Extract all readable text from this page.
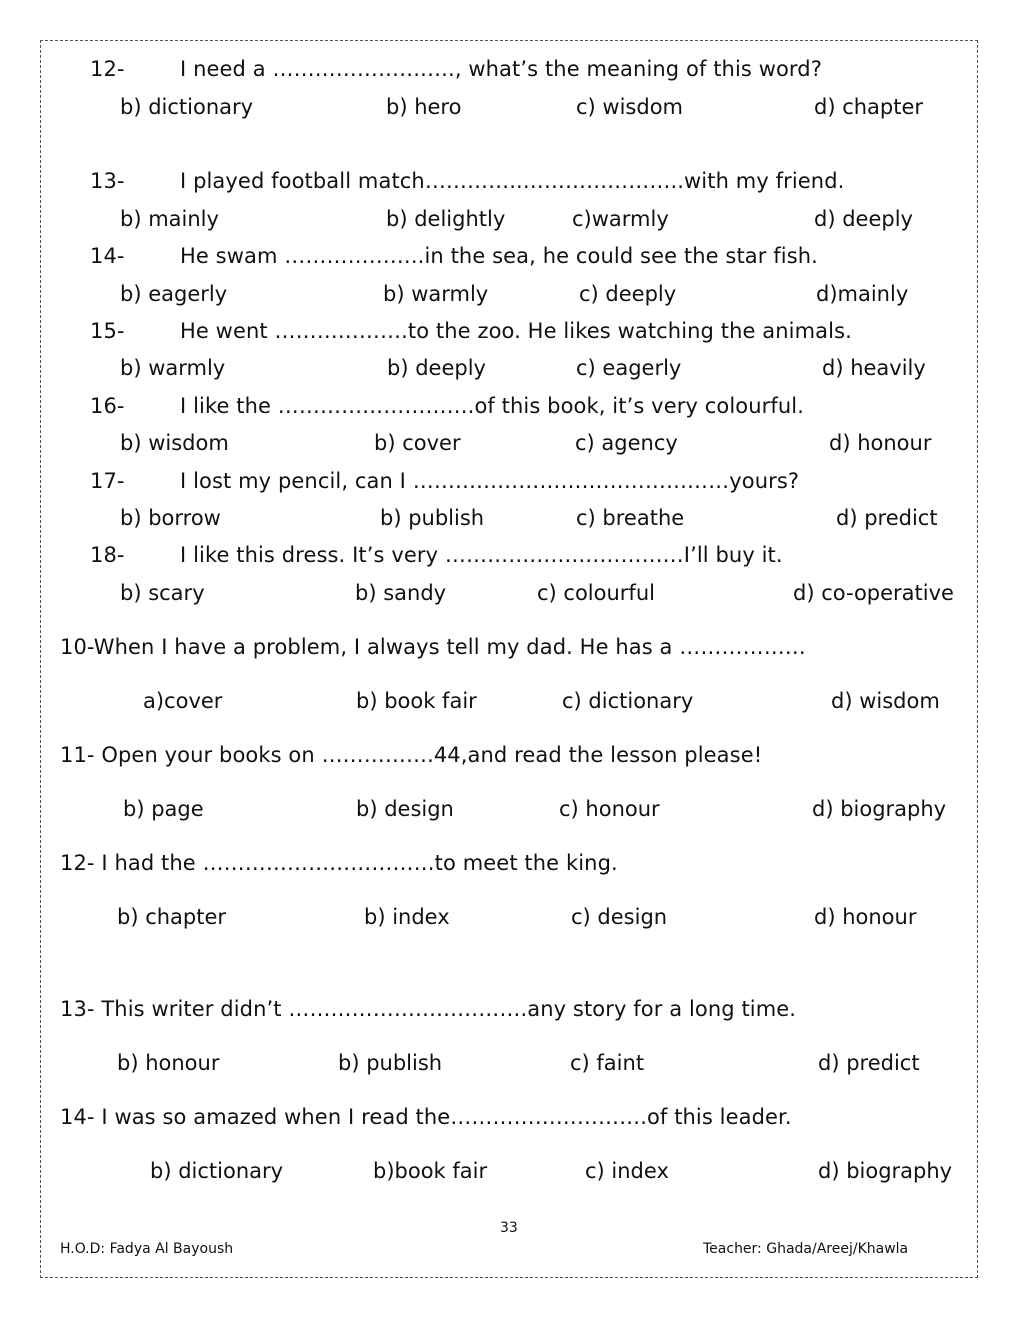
12-	I need a ………………….…., what’s the meaning of this word?
b) dictionary	b) hero	c) wisdom	d) chapter
13-	I played football match…………..…………………..with my friend.
b) mainly	b) delightly	c)warmly	d) deeply
14-	He swam ………………..in the sea, he could see the star fish.
b) eagerly	b) warmly	c) deeply	d)mainly
15-	He went ……………….to the zoo. He likes watching the animals.
b) warmly	b) deeply	c) eagerly	d) heavily
16-	I like the ……………………….of this book, it’s very colourful.
b) wisdom	b) cover	c) agency	d) honour
17-	I lost my pencil, can I ………………………………………yours?
b) borrow	b) publish	c) breathe	d) predict
18-	I like this dress. It’s very ……………….……………I’ll buy it.
b) scary	b) sandy	c) colourful	d) co-operative
10-When I have a problem, I always tell my dad. He has a ………………
a)cover	b) book fair	c) dictionary	d) wisdom
11- Open your books on …………….44,and read the lesson please!
b) page	b) design	c) honour	d) biography
12- I had the ……………………………to meet the king.
b) chapter	b) index	c) design	d) honour
13- This writer didn’t …………………………….any story for a long time.
b) honour	b) publish	c) faint	d) predict
14- I was so amazed when I read the……………………….of this leader.
b) dictionary	b)book fair	c) index	d) biography
33
H.O.D: Fadya Al Bayoush	Teacher: Ghada/Areej/Khawla
